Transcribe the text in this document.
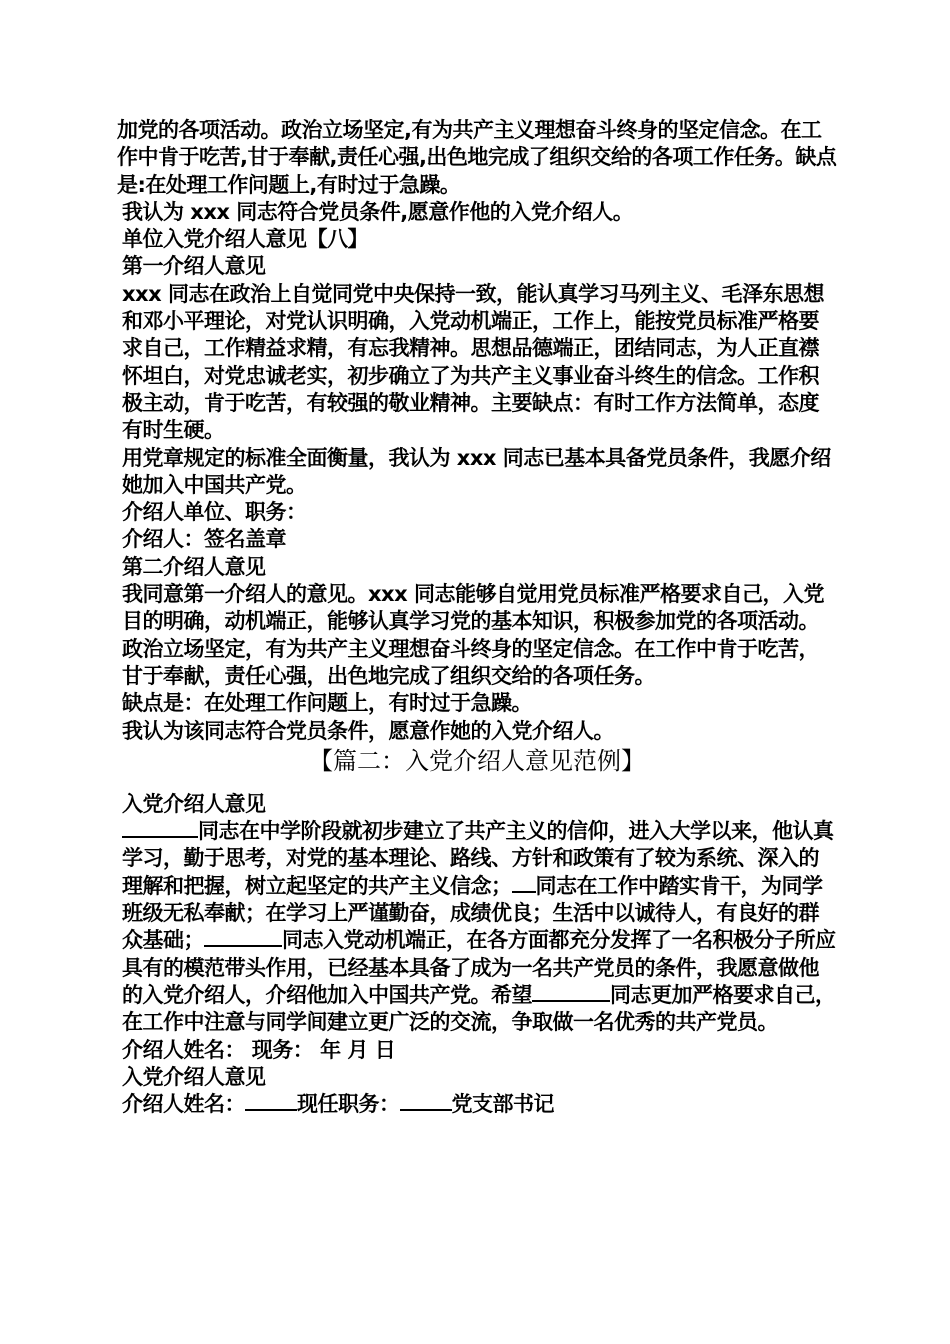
加党的各项活动。政治立场坚定,有为共产主义理想奋斗终身的坚定信念。在工作中肯于吃苦,甘于奉献,责任心强,出色地完成了组织交给的各项工作任务。缺点是:在处理工作问题上,有时过于急躁。

我认为 xxx 同志符合党员条件,愿意作他的入党介绍人。

单位入党介绍人意见【八】

第一介绍人意见

xxx 同志在政治上自觉同党中央保持一致，能认真学习马列主义、毛泽东思想和邓小平理论，对党认识明确，入党动机端正，工作上，能按党员标准严格要求自己，工作精益求精，有忘我精神。思想品德端正，团结同志，为人正直襟怀坦白，对党忠诚老实，初步确立了为共产主义事业奋斗终生的信念。工作积极主动，肯于吃苦，有较强的敬业精神。主要缺点：有时工作方法简单，态度有时生硬。

用党章规定的标准全面衡量，我认为 xxx 同志已基本具备党员条件，我愿介绍她加入中国共产党。

介绍人单位、职务：

介绍人：签名盖章

第二介绍人意见

我同意第一介绍人的意见。xxx 同志能够自觉用党员标准严格要求自己，入党目的明确，动机端正，能够认真学习党的基本知识，积极参加党的各项活动。政治立场坚定，有为共产主义理想奋斗终身的坚定信念。在工作中肯于吃苦，甘于奉献，责任心强，出色地完成了组织交给的各项任务。

缺点是：在处理工作问题上，有时过于急躁。

我认为该同志符合党员条件，愿意作她的入党介绍人。

【篇二：入党介绍人意见范例】

入党介绍人意见

同志在中学阶段就初步建立了共产主义的信仰，进入大学以来，他认真学习，勤于思考，对党的基本理论、路线、方针和政策有了较为系统、深入的理解和把握，树立起坚定的共产主义信念； 同志在工作中踏实肯干，为同学班级无私奉献；在学习上严谨勤奋，成绩优良；生活中以诚待人，有良好的群众基础；	同志入党动机端正，在各方面都充分发挥了一名积极分子所应具有的模范带头作用，已经基本具备了成为一名共产党员的条件，我愿意做他的入党介绍人，介绍他加入中国共产党。希望	同志更加严格要求自己，在工作中注意与同学间建立更广泛的交流，争取做一名优秀的共产党员。

介绍人姓名： 现务： 年 月 日

入党介绍人意见

介绍人姓名： 现任职务： 党支部书记
